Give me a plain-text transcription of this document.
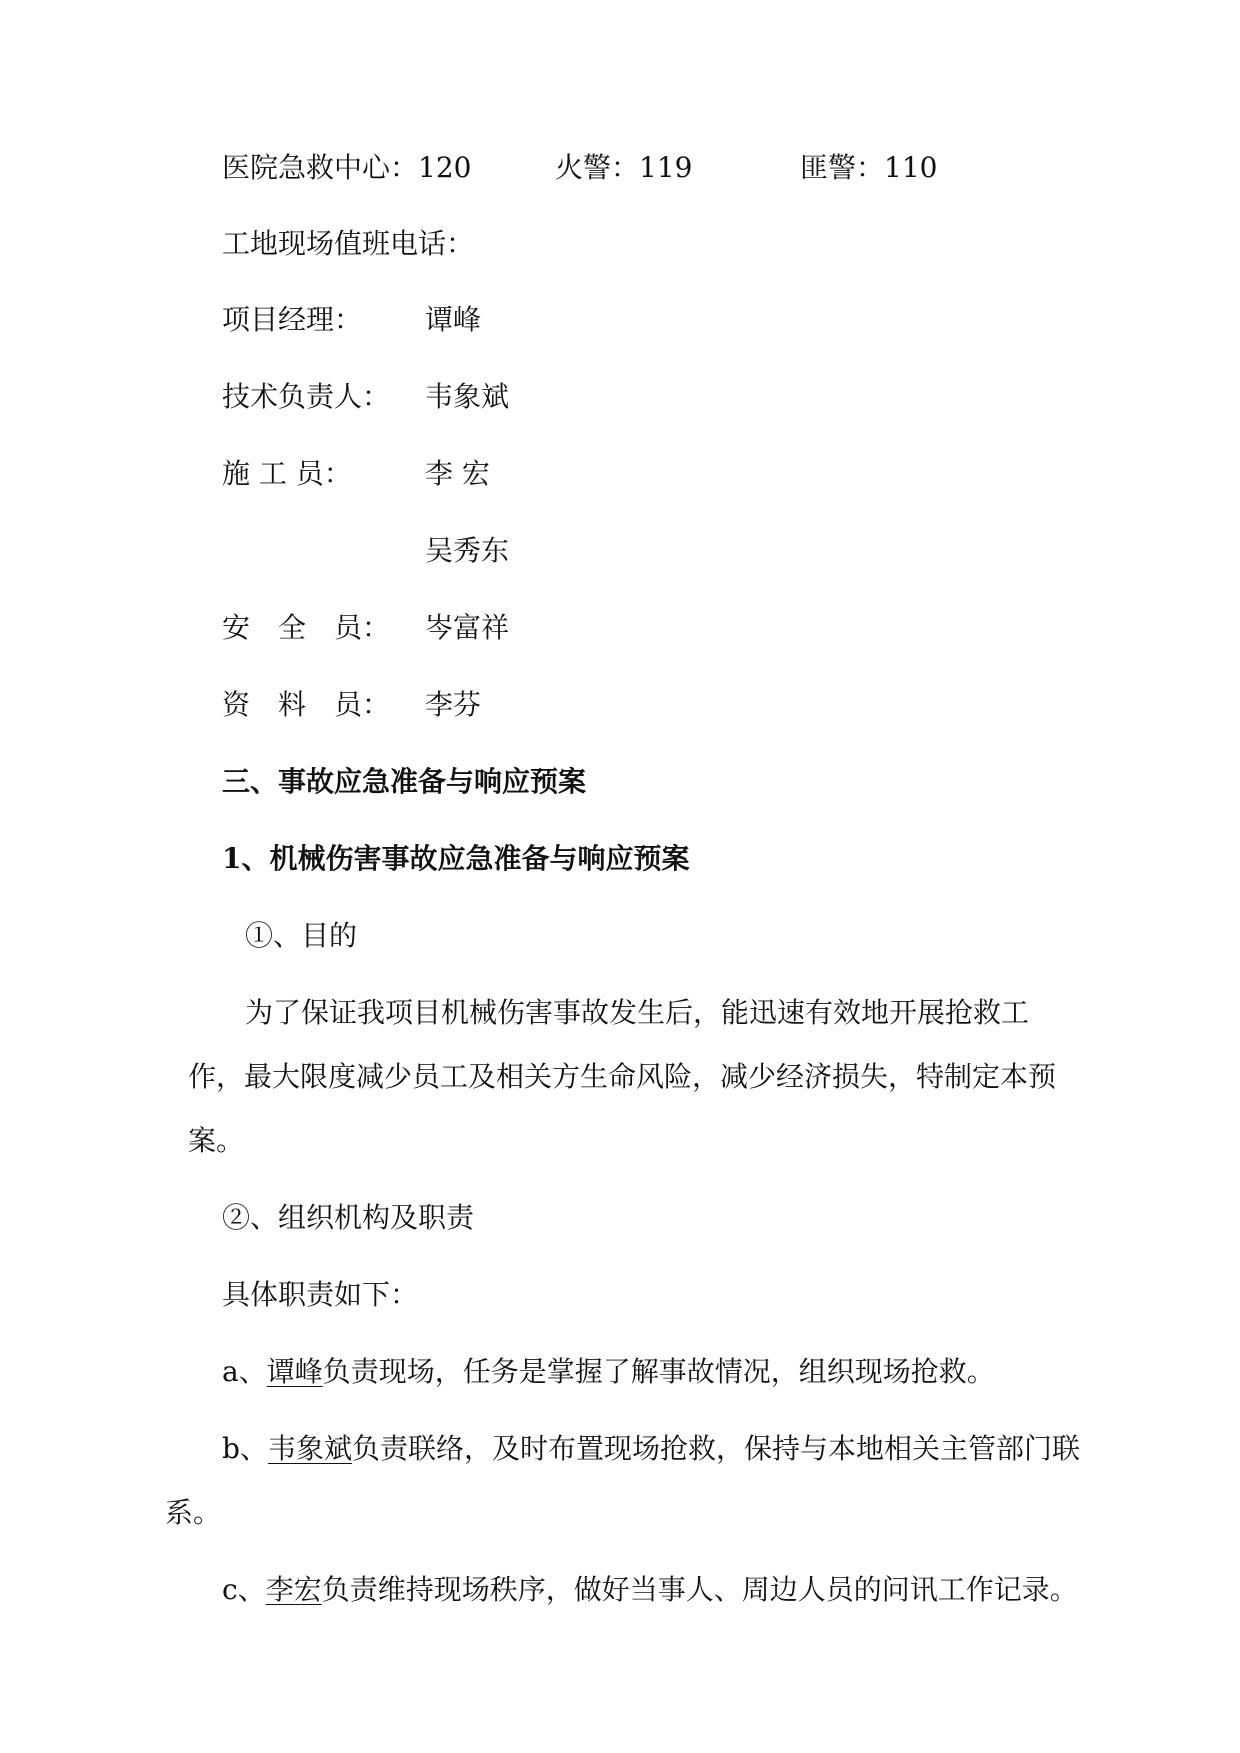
医院急救中心：120	火警：119	匪警：110
工地现场值班电话：
项目经理： 谭峰
技术负责人： 韦象斌
施 工 员：	李 宏
吴秀东
安　全　员： 岑富祥
资　料　员： 李芬
三、事故应急准备与响应预案
1、机械伤害事故应急准备与响应预案
①、目的
为了保证我项目机械伤害事故发生后，能迅速有效地开展抢救工
作，最大限度减少员工及相关方生命风险，减少经济损失，特制定本预
案。
②、组织机构及职责
具体职责如下：
a、谭峰负责现场，任务是掌握了解事故情况，组织现场抢救。
b、韦象斌负责联络，及时布置现场抢救，保持与本地相关主管部门联
系。
c、李宏负责维持现场秩序，做好当事人、周边人员的问讯工作记录。
